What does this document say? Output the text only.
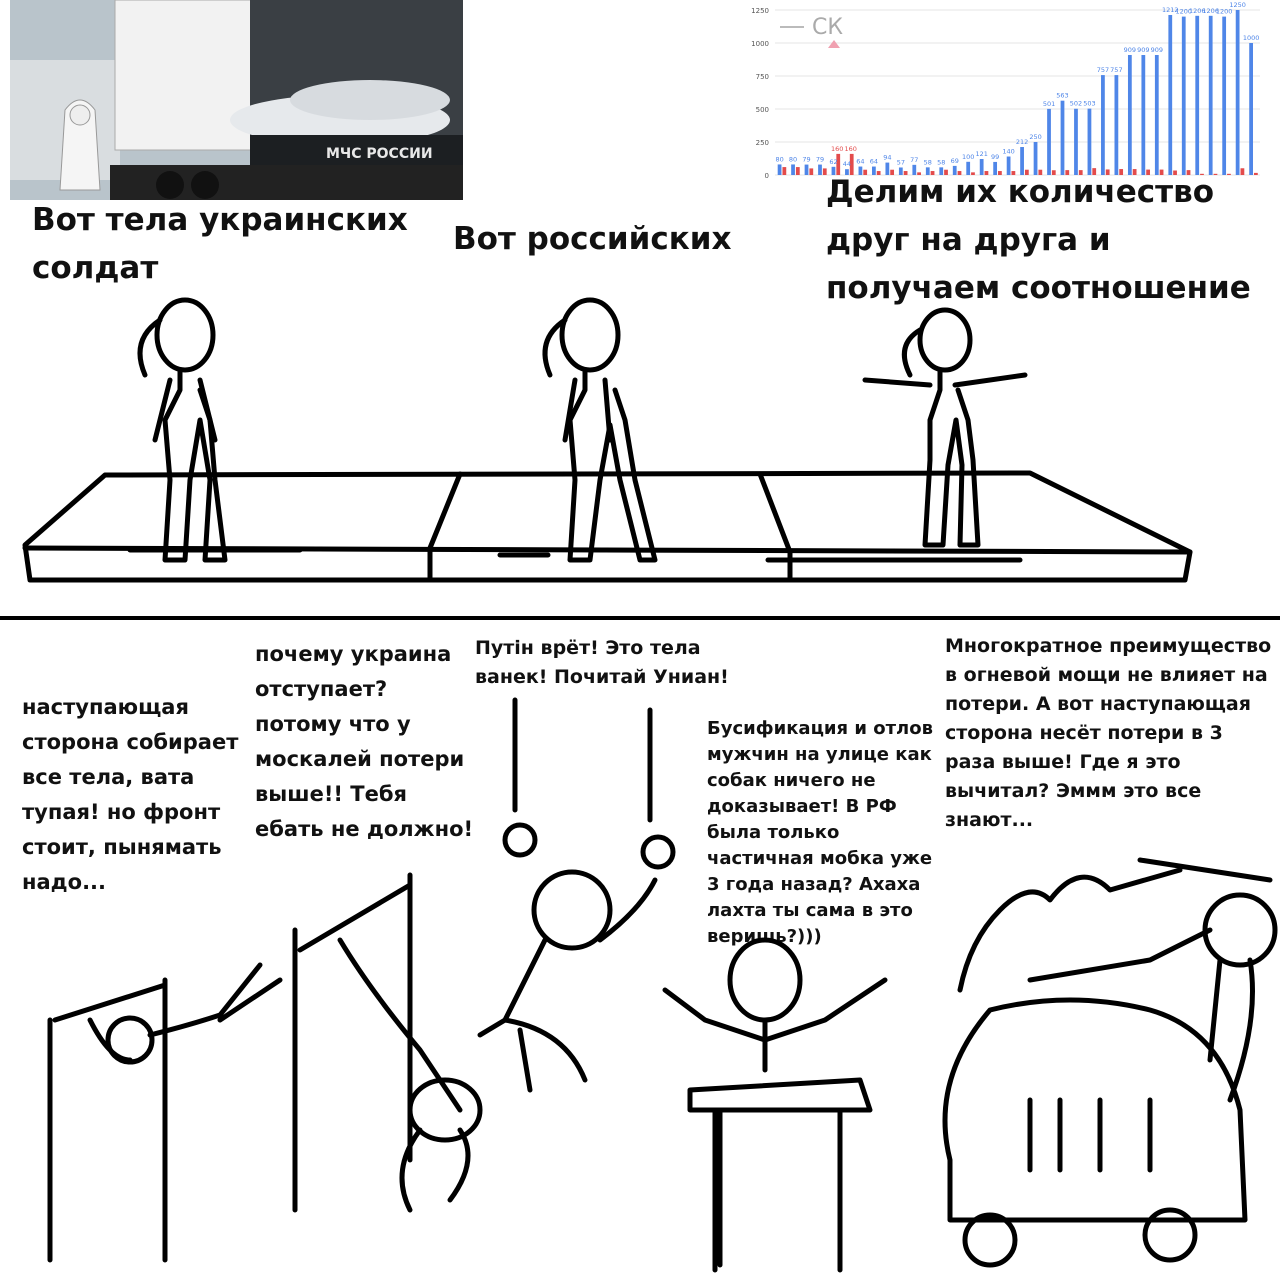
МЧС РОССИИ
0
250
500
750
1000
1250
80 80 79 79 62 44 64 64 94
57 77 58 58 69
100 121 99
140
212
250
501
563
502 503
757 757
909 909 909
1212
1200
1206
1206
1200
1250
1000
160 160
СК
Вот тела украинских солдат
Вот российских
Делим их количество друг на друга и получаем соотношение
наступающая сторона собирает все тела, вата тупая! но фронт стоит, пынямать надо...
почему украина отступает? потому что у москалей потери выше!! Тебя ебать не должно!
Путін врёт! Это тела ванек! Почитай Униан!
Бусификация и отлов мужчин на улице как собак ничего не доказывает! В РФ была только частичная мобка уже 3 года назад? Ахаха лахта ты сама в это веришь?)))
Многократное преимущество в огневой мощи не влияет на потери. А вот наступающая сторона несёт потери в 3 раза выше! Где я это вычитал? Эммм это все знают...
